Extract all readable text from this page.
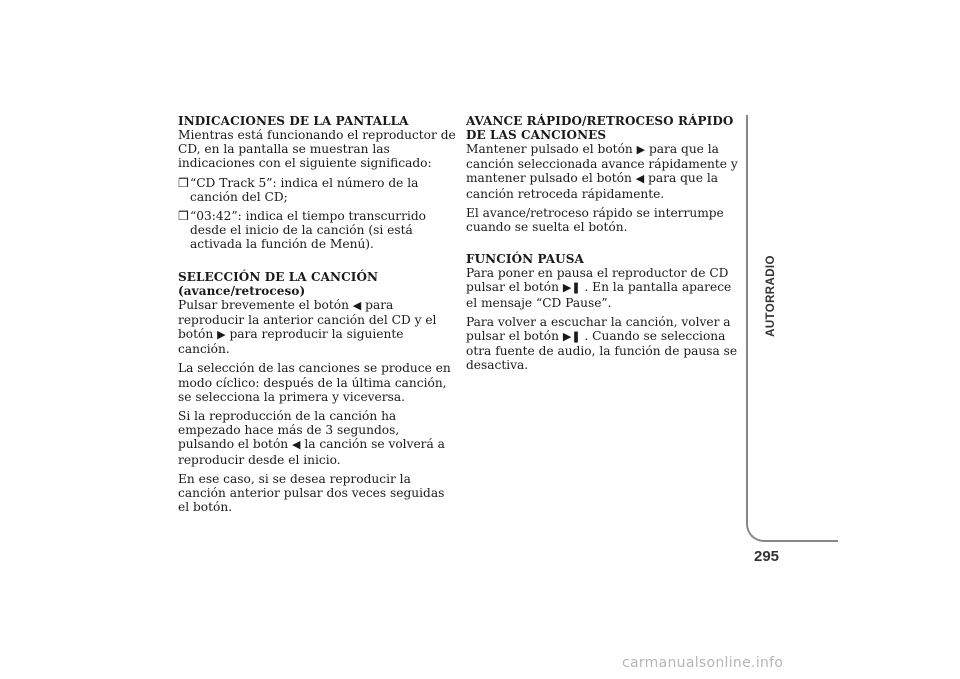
INDICACIONES DE LA PANTALLA

Mientras está funcionando el reproductor de CD, en la pantalla se muestran las indicaciones con el siguiente significado:

❒ “CD Track 5”: indica el número de la canción del CD;
❒ “03:42”: indica el tiempo transcurrido desde el inicio de la canción (si está activada la función de Menú).
SELECCIÓN DE LA CANCIÓN
(avance/retroceso)

Pulsar brevemente el botón ◀ para reproducir la anterior canción del CD y el botón ▶ para reproducir la siguiente canción.

La selección de las canciones se produce en modo cíclico: después de la última canción, se selecciona la primera y viceversa.

Si la reproducción de la canción ha empezado hace más de 3 segundos, pulsando el botón ◀ la canción se volverá a reproducir desde el inicio.

En ese caso, si se desea reproducir la canción anterior pulsar dos veces seguidas el botón.

AVANCE RÁPIDO/RETROCESO RÁPIDO DE LAS CANCIONES

Mantener pulsado el botón ▶ para que la canción seleccionada avance rápidamente y mantener pulsado el botón ◀ para que la canción retroceda rápidamente.

El avance/retroceso rápido se interrumpe cuando se suelta el botón.

FUNCIÓN PAUSA

Para poner en pausa el reproductor de CD pulsar el botón ▶❚ . En la pantalla aparece el mensaje “CD Pause”.

Para volver a escuchar la canción, volver a pulsar el botón ▶❚ . Cuando se selecciona otra fuente de audio, la función de pausa se desactiva.

AUTORRADIO
295
carmanualsonline.info
